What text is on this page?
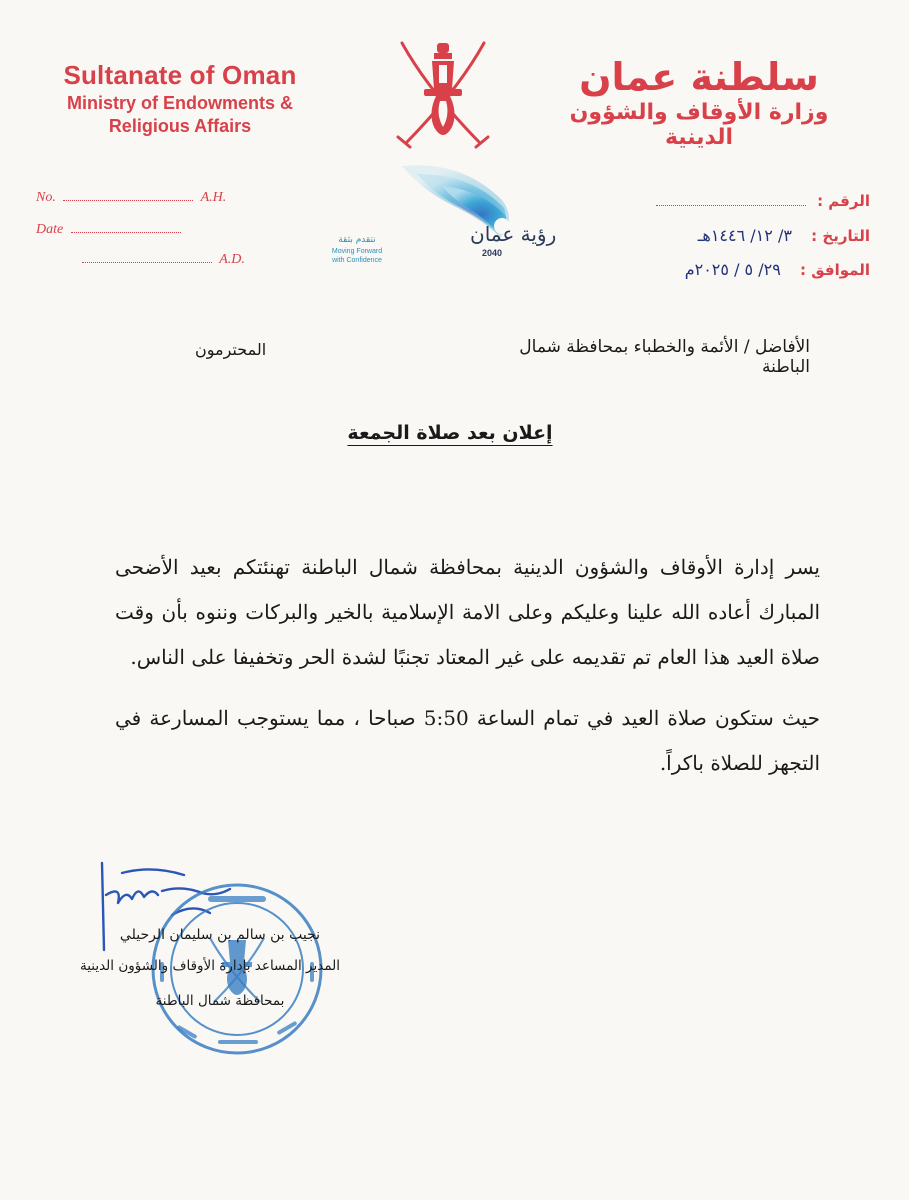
Sultanate of Oman
Ministry of Endowments &
Religious Affairs
سلطنة عمان
وزارة الأوقاف والشؤون الدينية
رؤية عمان
2040
نتقدم بثقة
Moving Forward
with Confidence
No.	A.H.
Date
A.D.
الرقم :
التاريخ : ٣/ ١٢/ ١٤٤٦هـ
الموافق : ٢٩/ ٥ / ٢٠٢٥م
الأفاضل / الأئمة والخطباء بمحافظة شمال الباطنة
المحترمون
إعلان بعد صلاة الجمعة

يسر إدارة الأوقاف والشؤون الدينية بمحافظة شمال الباطنة تهنئتكم بعيد الأضحى المبارك أعاده الله علينا وعليكم وعلى الامة الإسلامية بالخير والبركات وننوه بأن وقت صلاة العيد هذا العام تم تقديمه على غير المعتاد تجنبًا لشدة الحر وتخفيفا على الناس.

حيث ستكون صلاة العيد في تمام الساعة 5:50 صباحا ، مما يستوجب المسارعة في التجهز للصلاة باكراً.

نجيب بن سالم بن سليمان الرحيلي
المدير المساعد بإدارة الأوقاف والشؤون الدينية
بمحافظة شمال الباطنة
